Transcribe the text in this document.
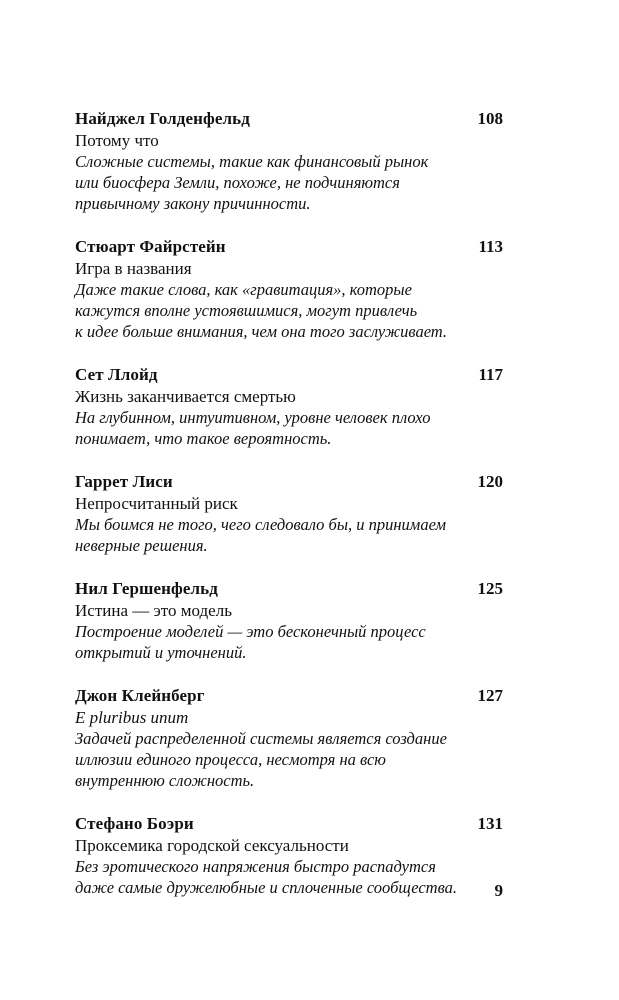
Найджел Голденфельд	108
Потому что
Сложные системы, такие как финансовый рынок
или биосфера Земли, похоже, не подчиняются
привычному закону причинности.
Стюарт Файрстейн	113
Игра в названия
Даже такие слова, как «гравитация», которые
кажутся вполне устоявшимися, могут привлечь
к идее больше внимания, чем она того заслуживает.
Сет Ллойд	117
Жизнь заканчивается смертью
На глубинном, интуитивном, уровне человек плохо
понимает, что такое вероятность.
Гаррет Лиси	120
Непросчитанный риск
Мы боимся не того, чего следовало бы, и принимаем
неверные решения.
Нил Гершенфельд	125
Истина — это модель
Построение моделей — это бесконечный процесс
открытий и уточнений.
Джон Клейнберг	127
E pluribus unum
Задачей распределенной системы является создание
иллюзии единого процесса, несмотря на всю
внутреннюю сложность.
Стефано Боэри	131
Проксемика городской сексуальности
Без эротического напряжения быстро распадутся
даже самые дружелюбные и сплоченные сообщества.	9
